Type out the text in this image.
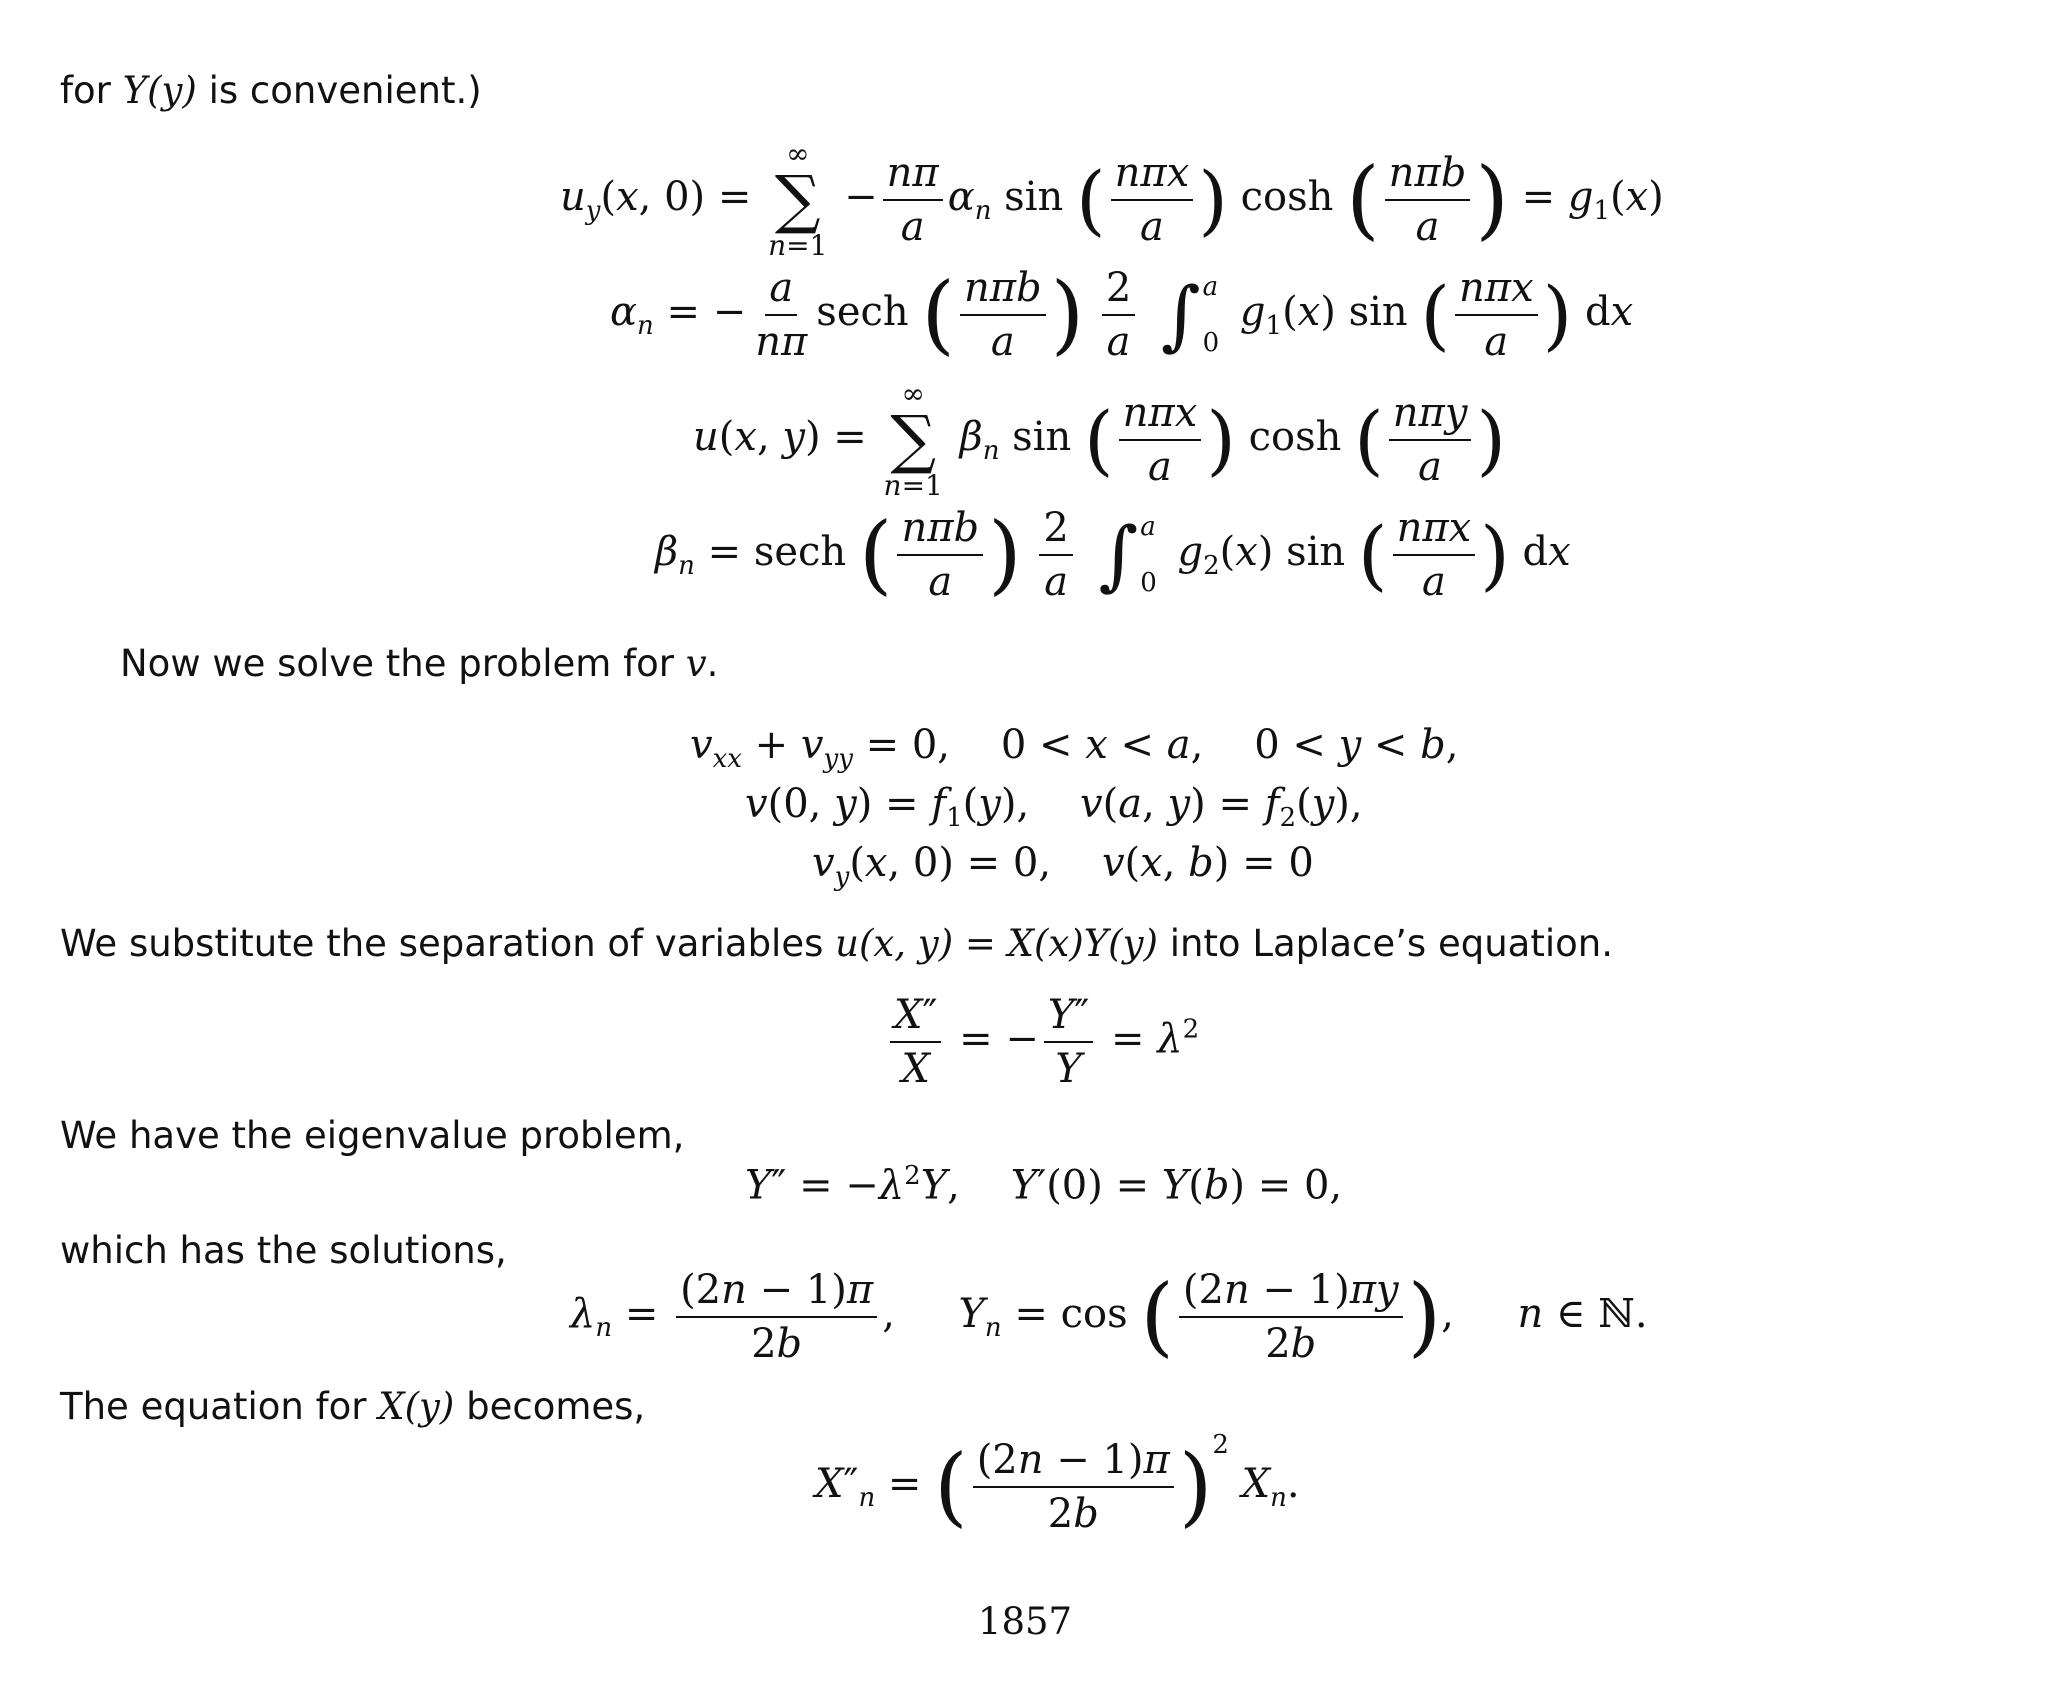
for Y(y) is convenient.)
$u_y(x$, 0) =
∞
∑
n=1
− $\frac{n\pi}{a} \alpha_n$ sin ( $\frac{\text{nπx}}{a}$ ) cosh ( $\frac{\text{nπb}}{a}$ ) = $g_1(x)$
$\alpha_n$ = − $\frac{a}{n\pi}$ sech ( $\frac{\text{nπb}}{a}$ ) $\frac{2}{a}$
∫ a
0
$g_1(x)$ sin ( $\frac{\text{nπx}}{a}$ ) dx
u(x, y) =
∞
∑
n=1
$\beta_n$ sin ( $\frac{\text{nπx}}{a}$ ) cosh ( $\frac{\text{nπy}}{a}$ )
$\beta_n = \sec h$ ( $\frac{\text{nπb}}{a}$ ) $\frac{2}{a}$
∫ a
0
$g_2(x)$ sin ( $\frac{\text{nπx}}{a}$ ) dx
Now we solve the problem for v.
$v_{xx} + v_{yy} = 0$,    0 < x < a,    0 < y < b,
v(0, $y) = f_1(y)$,    v(a, $y) = f_2(y)$,
$v_y(x$, 0) = 0,    v(x, b) = 0
We substitute the separation of variables u(x, y) = X(x)Y(y) into Laplace’s equation.
$\frac{X''}{X}$ = − $\frac{Y''}{Y} = \lambda^2$
We have the eigenvalue problem,
$Y'' = -\lambda^2Y$,    Y′(0) = Y(b) = 0,
which has the solutions,
$\lambda_n = \frac{(2n - 1)\pi}{2b}$ ,     $Y_n = \cos$ ( $\frac{(2n - 1)\pi y}{2b}$ ),     n ∈ ℕ.
The equation for X(y) becomes,
$X''_n$ = ( $\frac{(2n - 1)\pi}{2b} )^2$ $X_n$.
1857
